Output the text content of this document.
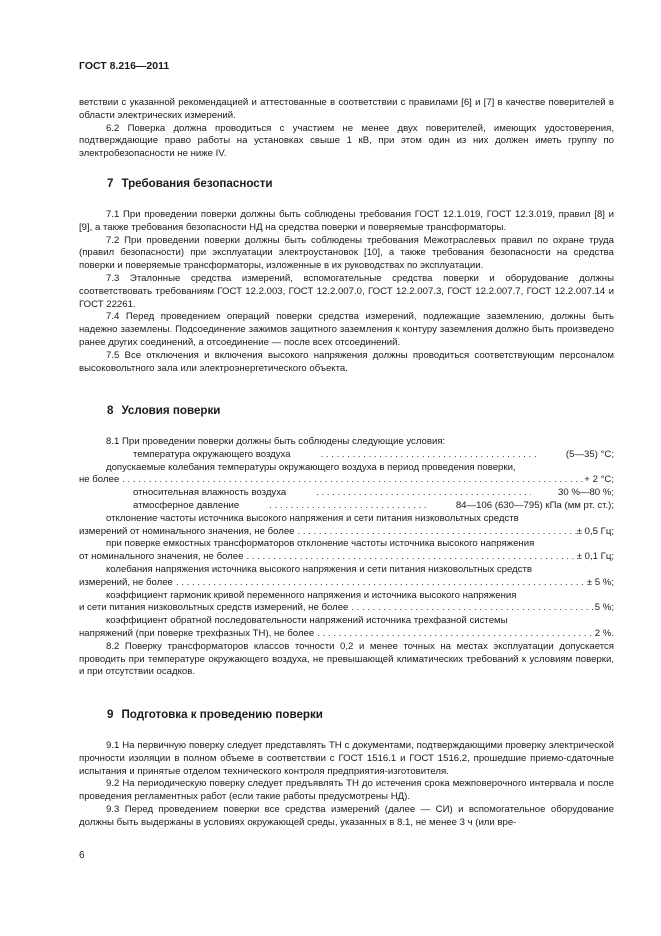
ГОСТ 8.216—2011

ветствии с указанной рекомендацией и аттестованные в соответствии с правилами [6] и [7] в качестве поверителей в области электрических измерений.

6.2 Поверка должна проводиться с участием не менее двух поверителей, имеющих удостоверения, подтверждающие право работы на установках свыше 1 кВ, при этом один из них должен иметь группу по электробезопасности не ниже IV.

7 Требования безопасности

7.1 При проведении поверки должны быть соблюдены требования ГОСТ 12.1.019, ГОСТ 12.3.019, правил [8] и [9], а также требования безопасности НД на средства поверки и поверяемые трансформаторы.

7.2 При проведении поверки должны быть соблюдены требования Межотраслевых правил по охране труда (правил безопасности) при эксплуатации электроустановок [10], а также требования безопасности на средства поверки и поверяемые трансформаторы, изложенные в их руководствах по эксплуатации.

7.3 Эталонные средства измерений, вспомогательные средства поверки и оборудование должны соответствовать требованиям ГОСТ 12.2.003, ГОСТ 12.2.007.0, ГОСТ 12.2.007.3, ГОСТ 12.2.007.7, ГОСТ 12.2.007.14 и ГОСТ 22261.

7.4 Перед проведением операций поверки средства измерений, подлежащие заземлению, должны быть надежно заземлены. Подсоединение зажимов защитного заземления к контуру заземления должно быть произведено ранее других соединений, а отсоединение — после всех отсоединений.

7.5 Все отключения и включения высокого напряжения должны проводиться соответствующим персоналом высоковольтного зала или электроэнергетического объекта.

8 Условия поверки

8.1 При проведении поверки должны быть соблюдены следующие условия:

температура окружающего воздуха . . .	(5—35) °С;

допускаемые колебания температуры окружающего воздуха в период проведения поверки,

не более . . .	+ 2 °С;
относительная влажность воздуха . . .	30 %—80 %;
атмосферное давление . . .	84—106 (630—795) кПа (мм рт. ст.);

отклонение частоты источника высокого напряжения и сети питания низковольтных средств

измерений от номинального значения, не более . . .	± 0,5 Гц;

при поверке емкостных трансформаторов отклонение частоты источника высокого напряжения

от номинального значения, не более . . .	± 0,1 Гц;

колебания напряжения источника высокого напряжения и сети питания низковольтных средств

измерений, не более . . .	± 5 %;

коэффициент гармоник кривой переменного напряжения и источника высокого напряжения

и сети питания низковольтных средств измерений, не более . . .	5 %;

коэффициент обратной последовательности напряжений источника трехфазной системы

напряжений (при поверке трехфазных ТН), не более . . .	2 %.

8.2 Поверку трансформаторов классов точности 0,2 и менее точных на местах эксплуатации допускается проводить при температуре окружающего воздуха, не превышающей климатических требований к условиям поверки, и при отсутствии осадков.

9 Подготовка к проведению поверки

9.1 На первичную поверку следует представлять ТН с документами, подтверждающими проверку электрической прочности изоляции в полном объеме в соответствии с ГОСТ 1516.1 и ГОСТ 1516.2, прошедшие приемо-сдаточные испытания и принятые отделом технического контроля предприятия-изготовителя.

9.2 На периодическую поверку следует предъявлять ТН до истечения срока межповерочного интервала и после проведения регламентных работ (если такие работы предусмотрены НД).

9.3 Перед проведением поверки все средства измерений (далее — СИ) и вспомогательное оборудование должны быть выдержаны в условиях окружающей среды, указанных в 8.1, не менее 3 ч (или вре-

6
